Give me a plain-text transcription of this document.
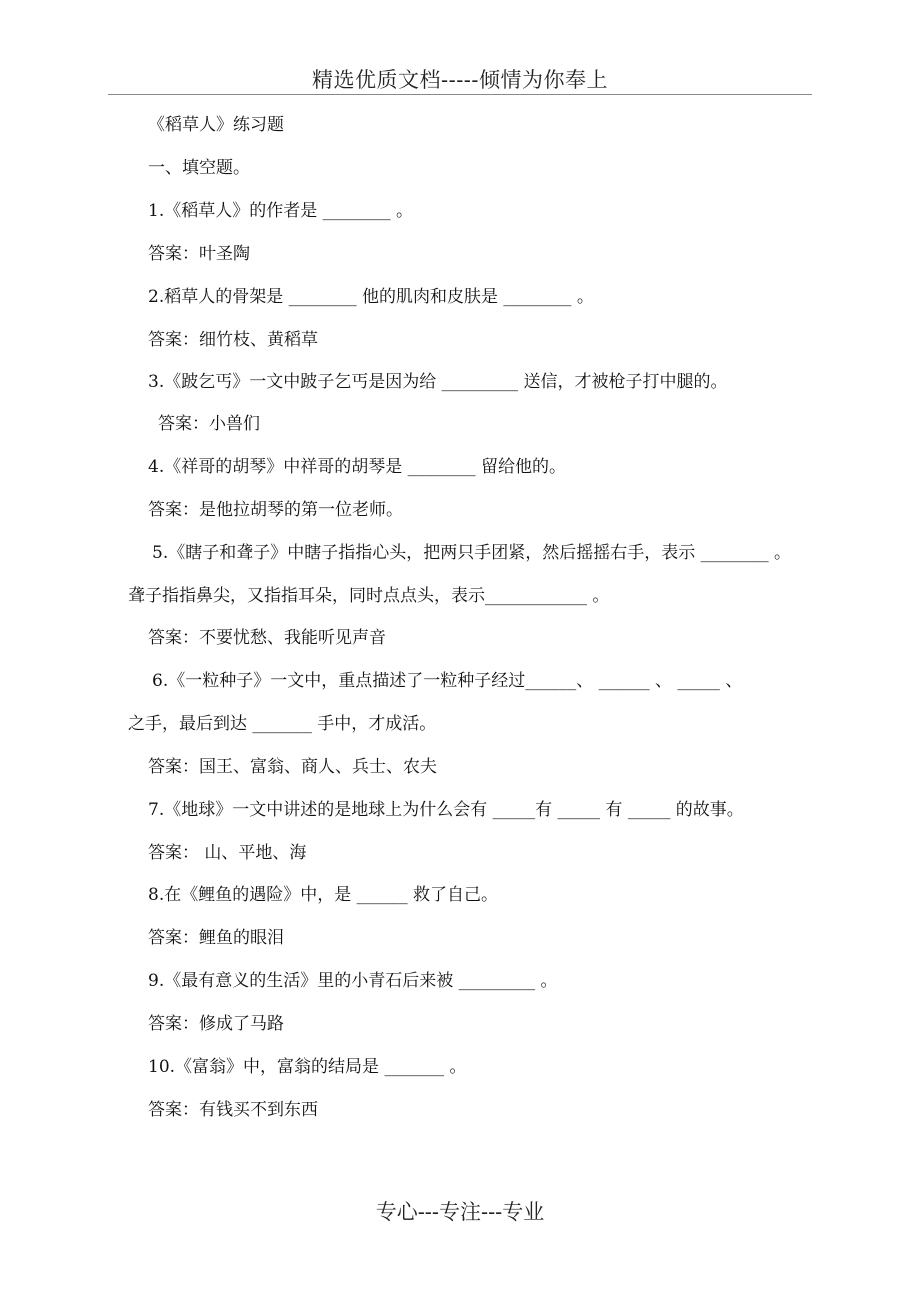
精选优质文档-----倾情为你奉上
《稻草人》练习题
一、填空题。
1.《稻草人》的作者是 ________ 。
答案：叶圣陶
2.稻草人的骨架是 ________ 他的肌肉和皮肤是 ________ 。
答案：细竹枝、黄稻草
3.《跛乞丐》一文中跛子乞丐是因为给 _________ 送信，才被枪子打中腿的。
答案：小兽们
4.《祥哥的胡琴》中祥哥的胡琴是 ________ 留给他的。
答案：是他拉胡琴的第一位老师。
5.《瞎子和聋子》中瞎子指指心头，把两只手团紧，然后摇摇右手，表示 ________ 。
聋子指指鼻尖，又指指耳朵，同时点点头，表示____________ 。
答案：不要忧愁、我能听见声音
6.《一粒种子》一文中，重点描述了一粒种子经过______、 ______ 、 _____ 、
之手，最后到达 _______ 手中，才成活。
答案：国王、富翁、商人、兵士、农夫
7.《地球》一文中讲述的是地球上为什么会有 _____有 _____ 有 _____ 的故事。
答案： 山、平地、海
8.在《鲤鱼的遇险》中，是 ______ 救了自己。
答案：鲤鱼的眼泪
9.《最有意义的生活》里的小青石后来被 _________ 。
答案：修成了马路
10.《富翁》中，富翁的结局是 _______ 。
答案：有钱买不到东西
专心---专注---专业
